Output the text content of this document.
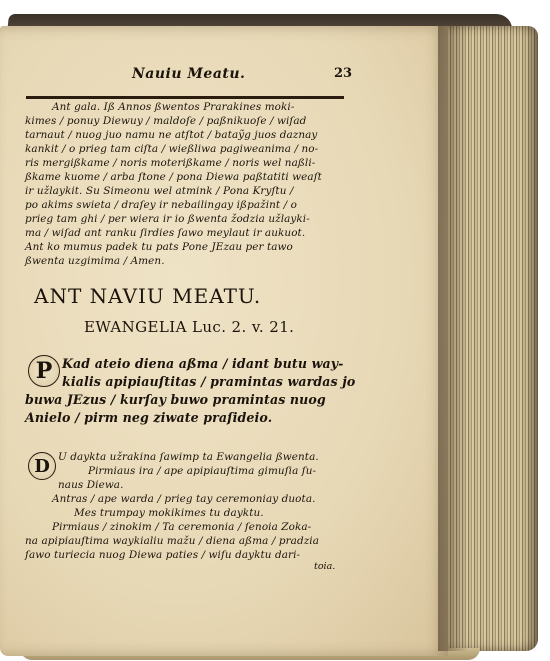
Nauiu Meatu.	23
Ant gala. Iß Annos ßwentos Prarakines moki-
kimes / ponuy Diewuy / maldoſe / paßnikuoſe / wiſad
tarnaut / nuog juo namu ne atſtot / bataỹg juos daznay
kankit / o prieg tam ciſta / wießliwa pagiweanima / no-
ris mergißkame / noris moterißkame / noris wel naßli-
ßkame kuome / arba ſtone / pona Diewa paßtatiti weaſt
ir užlaykit. Su Simeonu wel atmink / Pona Kryſtu /
po akims swieta / draſey ir nebailingay ißpažint / o
prieg tam ghi / per wiera ir io ßwenta žodzia užlayki-
ma / wiſad ant ranku ſirdies ſawo meylaut ir aukuot.
Ant ko mumus padek tu pats Pone JEzau per tawo
ßwenta uzgimima / Amen.
ANT NAVIU MEATU.
EWANGELIA Luc. 2. v. 21.
P Kad ateio diena aßma / idant butu way-
kialis apipiauſtitas / pramintas wardas jo
buwa JEzus / kurſay buwo pramintas nuog
Anielo / pirm neg ziwate praſideio.
D U daykta užrakina ſawimp ta Ewangelia ßwenta.
Pirmiaus ira / ape apipiauſtima gimuſia ſu-
naus Diewa.
Antras / ape warda / prieg tay ceremoniay duota.
Mes trumpay mokikimes tu dayktu.
Pirmiaus / zinokim / Ta ceremonia / ſenoia Zoka-
na apipiauſtima waykialiu mažu / diena aßma / pradzia
ſawo turiecia nuog Diewa paties / wiſu dayktu dari-
toia.
